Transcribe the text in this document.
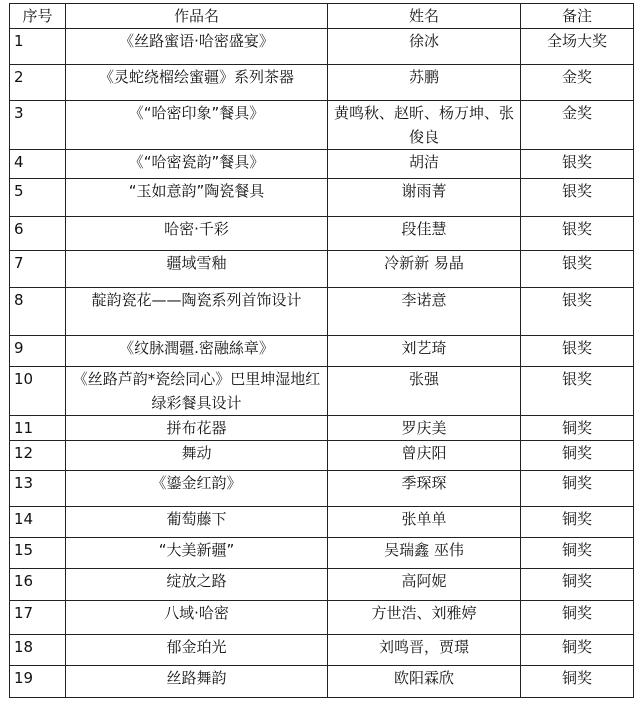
序号	作品名	姓名	备注
1	《丝路蜜语·哈密盛宴》	徐冰	全场大奖
2	《灵蛇绕榴绘蜜疆》系列茶器	苏鹏	金奖
3	《“哈密印象”餐具》	黄鸣秋、赵昕、杨万坤、张俊良	金奖
4	《“哈密瓷韵”餐具》	胡洁	银奖
5	“玉如意韵”陶瓷餐具	谢雨菁	银奖
6	哈密·千彩	段佳慧	银奖
7	疆域雪釉	冷新新 易晶	银奖
8	靛韵瓷花——陶瓷系列首饰设计	李诺意	银奖
9	《纹脉潤疆.密融絲章》	刘艺琦	银奖
10	《丝路芦韵*瓷绘同心》巴里坤湿地红绿彩餐具设计	张强	银奖
11	拼布花器	罗庆美	铜奖
12	舞动	曾庆阳	铜奖
13	《鎏金红韵》	季琛琛	铜奖
14	葡萄藤下	张单单	铜奖
15	“大美新疆”	吴瑞鑫 巫伟	铜奖
16	绽放之路	高阿妮	铜奖
17	八域·哈密	方世浩、刘雅婷	铜奖
18	郁金珀光	刘鸣晋，贾璟	铜奖
19	丝路舞韵	欧阳霖欣	铜奖
